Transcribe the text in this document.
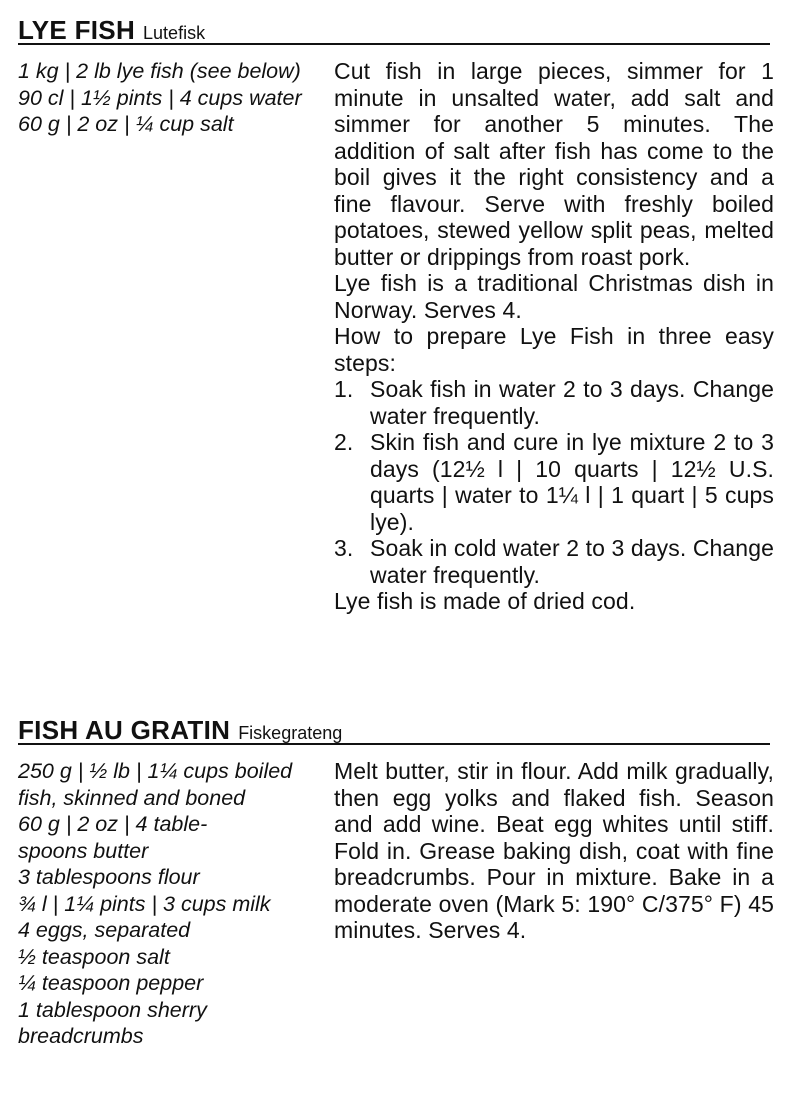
LYE FISH Lutefisk
1 kg | 2 lb lye fish (see below)
90 cl | 1½ pints | 4 cups water
60 g | 2 oz | ¼ cup salt

Cut fish in large pieces, simmer for 1 minute in unsalted water, add salt and simmer for another 5 minutes. The addition of salt after fish has come to the boil gives it the right consistency and a fine flavour. Serve with freshly boiled potatoes, stewed yellow split peas, melted butter or drippings from roast pork.

Lye fish is a traditional Christmas dish in Norway. Serves 4.

How to prepare Lye Fish in three easy steps:

1. Soak fish in water 2 to 3 days. Change water frequently.
2. Skin fish and cure in lye mixture 2 to 3 days (12½ l | 10 quarts | 12½ U.S. quarts | water to 1¼ l | 1 quart | 5 cups lye).
3. Soak in cold water 2 to 3 days. Change water frequently.

Lye fish is made of dried cod.

FISH AU GRATIN Fiskegrateng
250 g | ½ lb | 1¼ cups boiled fish, skinned and boned
60 g | 2 oz | 4 table-
spoons butter
3 tablespoons flour
¾ l | 1¼ pints | 3 cups milk
4 eggs, separated
½ teaspoon salt
¼ teaspoon pepper
1 tablespoon sherry
breadcrumbs

Melt butter, stir in flour. Add milk gradually, then egg yolks and flaked fish. Season and add wine. Beat egg whites until stiff. Fold in. Grease baking dish, coat with fine breadcrumbs. Pour in mixture. Bake in a moderate oven (Mark 5: 190° C/375° F) 45 minutes. Serves 4.
